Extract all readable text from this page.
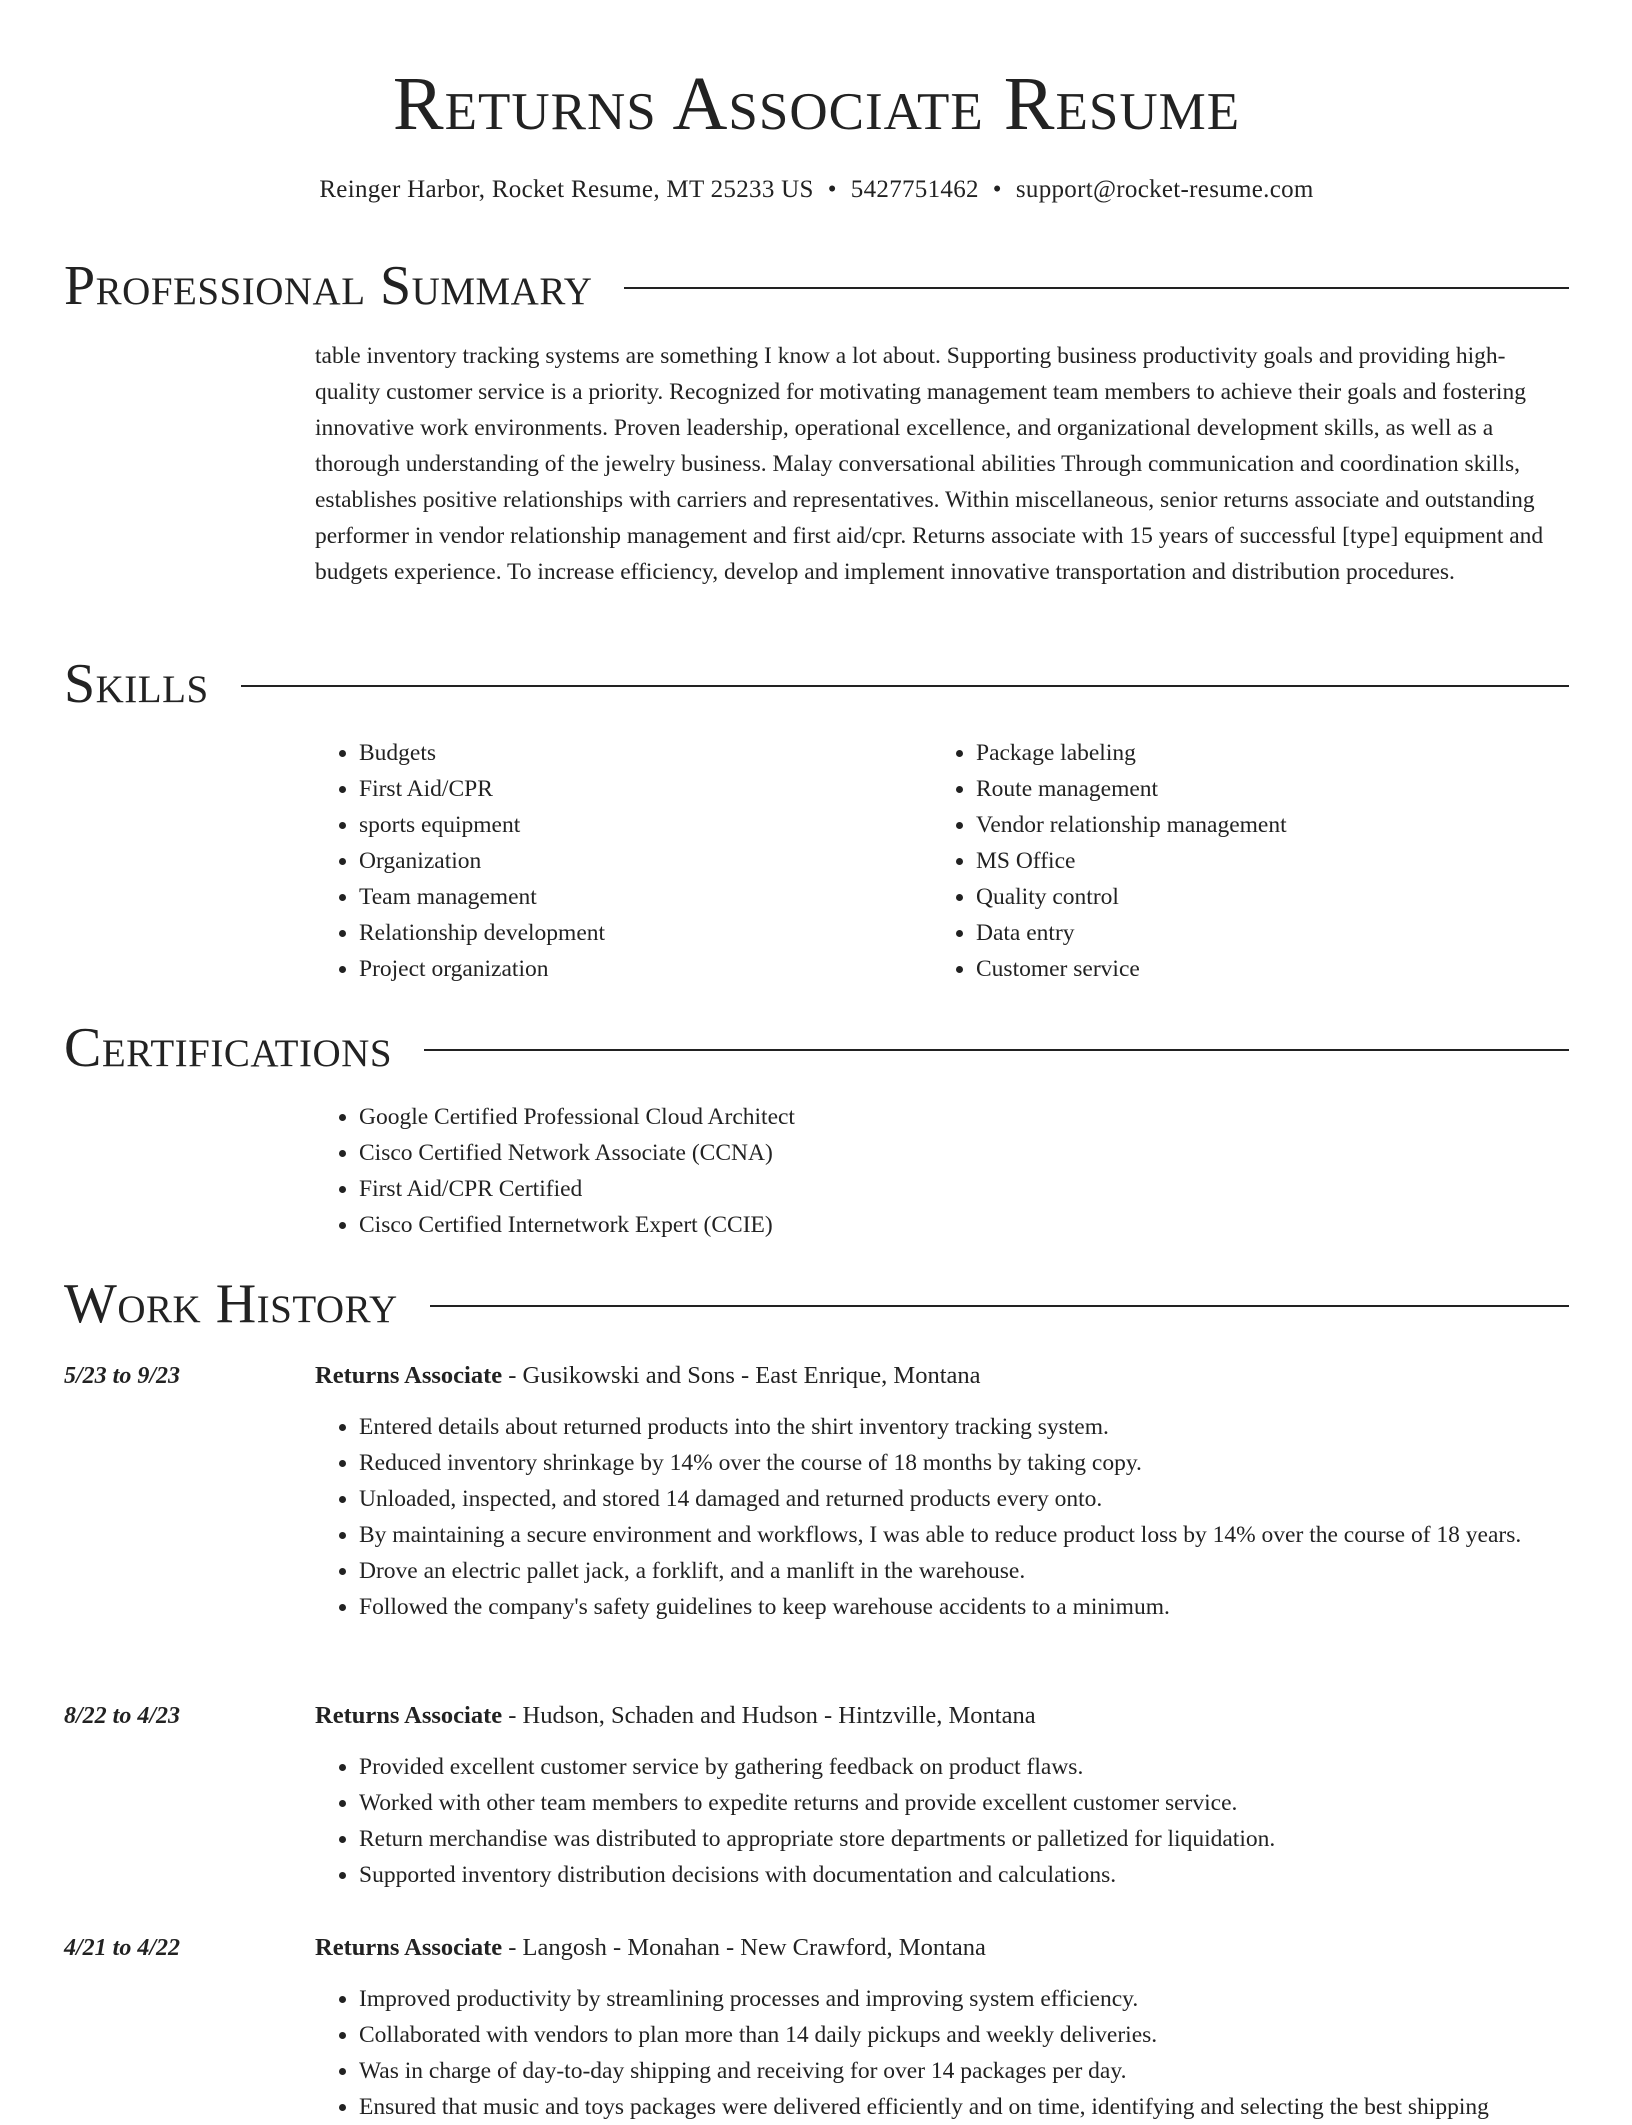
Returns Associate Resume
Reinger Harbor, Rocket Resume, MT 25233 US • 5427751462 • support@rocket-resume.com
Professional Summary
table inventory tracking systems are something I know a lot about. Supporting business productivity goals and providing high-quality customer service is a priority. Recognized for motivating management team members to achieve their goals and fostering innovative work environments. Proven leadership, operational excellence, and organizational development skills, as well as a thorough understanding of the jewelry business. Malay conversational abilities Through communication and coordination skills, establishes positive relationships with carriers and representatives. Within miscellaneous, senior returns associate and outstanding performer in vendor relationship management and first aid/cpr. Returns associate with 15 years of successful [type] equipment and budgets experience. To increase efficiency, develop and implement innovative transportation and distribution procedures.
Skills
• Budgets
• First Aid/CPR
• sports equipment
• Organization
• Team management
• Relationship development
• Project organization
• Package labeling
• Route management
• Vendor relationship management
• MS Office
• Quality control
• Data entry
• Customer service
Certifications
• Google Certified Professional Cloud Architect
• Cisco Certified Network Associate (CCNA)
• First Aid/CPR Certified
• Cisco Certified Internetwork Expert (CCIE)
Work History
5/23 to 9/23	Returns Associate - Gusikowski and Sons - East Enrique, Montana
• Entered details about returned products into the shirt inventory tracking system.
• Reduced inventory shrinkage by 14% over the course of 18 months by taking copy.
• Unloaded, inspected, and stored 14 damaged and returned products every onto.
• By maintaining a secure environment and workflows, I was able to reduce product loss by 14% over the course of 18 years.
• Drove an electric pallet jack, a forklift, and a manlift in the warehouse.
• Followed the company's safety guidelines to keep warehouse accidents to a minimum.
8/22 to 4/23	Returns Associate - Hudson, Schaden and Hudson - Hintzville, Montana
• Provided excellent customer service by gathering feedback on product flaws.
• Worked with other team members to expedite returns and provide excellent customer service.
• Return merchandise was distributed to appropriate store departments or palletized for liquidation.
• Supported inventory distribution decisions with documentation and calculations.
4/21 to 4/22	Returns Associate - Langosh - Monahan - New Crawford, Montana
• Improved productivity by streamlining processes and improving system efficiency.
• Collaborated with vendors to plan more than 14 daily pickups and weekly deliveries.
• Was in charge of day-to-day shipping and receiving for over 14 packages per day.
• Ensured that music and toys packages were delivered efficiently and on time, identifying and selecting the best shipping
